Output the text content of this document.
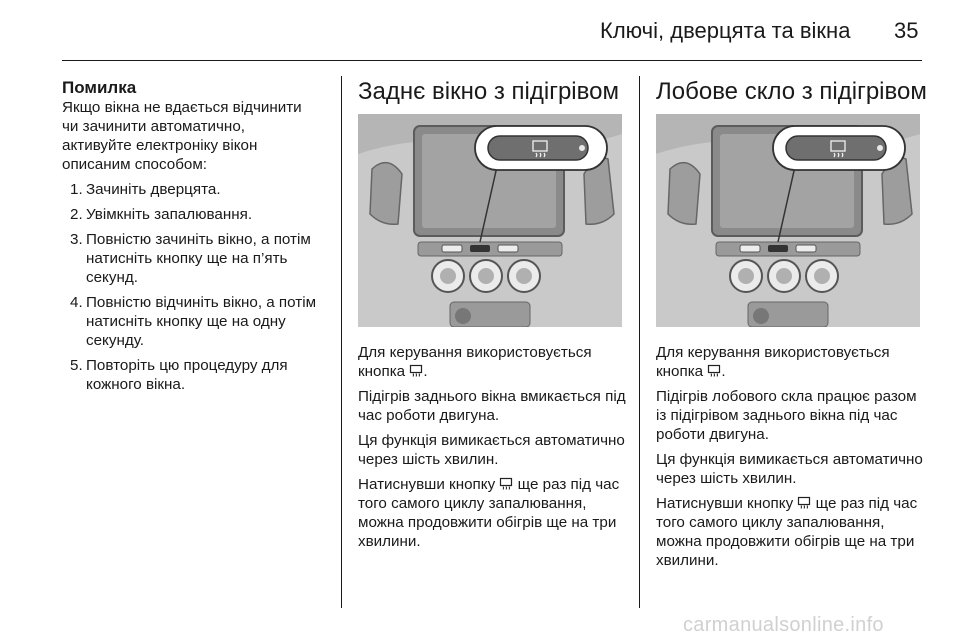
Ключі, дверцята та вікна 35
Помилка
Якщо вікна не вдається відчинити
чи зачинити автоматично,
активуйте електроніку вікон
описаним способом:
1. Зачиніть дверцята.
2. Увімкніть запалювання.
3. Повністю зачиніть вікно, а потім натисніть кнопку ще на п’ять секунд.
4. Повністю відчиніть вікно, а потім натисніть кнопку ще на одну секунду.
5. Повторіть цю процедуру для кожного вікна.
Заднє вікно з підігрівом
Для керування використовується кнопка .
Підігрів заднього вікна вмикається під час роботи двигуна.
Ця функція вимикається автоматично через шість хвилин.
Натиснувши кнопку ще раз під час того самого циклу запалювання, можна продовжити обігрів ще на три хвилини.
Лобове скло з підігрівом
Для керування використовується кнопка .
Підігрів лобового скла працює разом із підігрівом заднього вікна під час роботи двигуна.
Ця функція вимикається автоматично через шість хвилин.
Натиснувши кнопку ще раз під час того самого циклу запалювання, можна продовжити обігрів ще на три хвилини.
carmanualsonline.info
